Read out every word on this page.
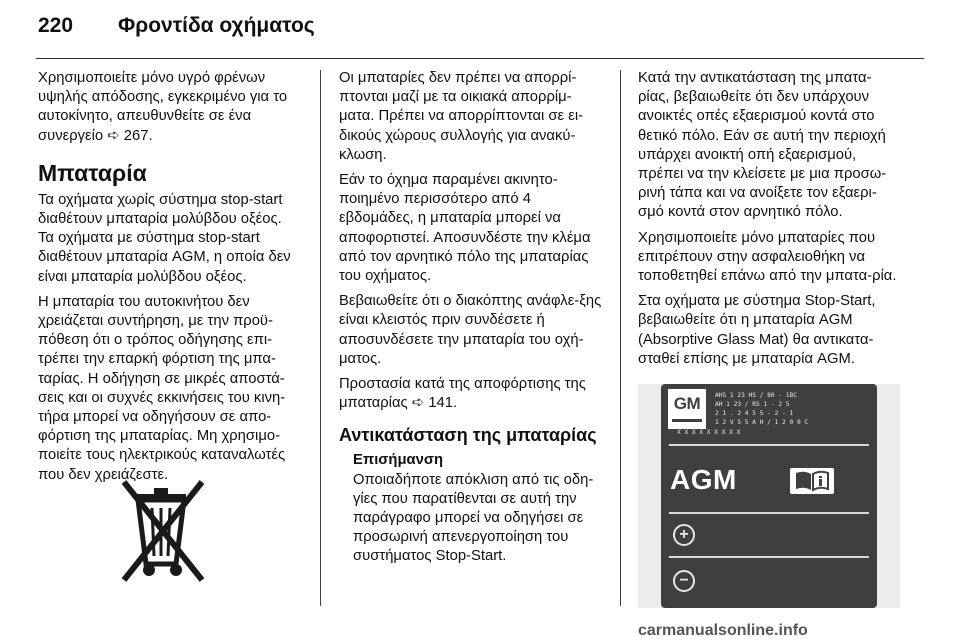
220	Φροντίδα οχήματος

Χρησιμοποιείτε μόνο υγρό φρένων υψηλής απόδοσης, εγκεκριμένο για το αυτοκίνητο, απευθυνθείτε σε ένα συνεργείο ➪ 267.

Μπαταρία

Τα οχήματα χωρίς σύστημα stop-start διαθέτουν μπαταρία μολύβδου οξέος. Τα οχήματα με σύστημα stop-start διαθέτουν μπαταρία AGM, η οποία δεν είναι μπαταρία μολύβδου οξέος.

Η μπαταρία του αυτοκινήτου δεν χρειάζεται συντήρηση, με την προϋ-πόθεση ότι ο τρόπος οδήγησης επι-τρέπει την επαρκή φόρτιση της μπα-ταρίας. Η οδήγηση σε μικρές αποστά-σεις και οι συχνές εκκινήσεις του κινη-τήρα μπορεί να οδηγήσουν σε απο-φόρτιση της μπαταρίας. Μη χρησιμο-ποιείτε τους ηλεκτρικούς καταναλωτές που δεν χρειάζεστε.

Οι μπαταρίες δεν πρέπει να απορρί-πτονται μαζί με τα οικιακά απορρίμ-ματα. Πρέπει να απορρίπτονται σε ει-δικούς χώρους συλλογής για ανακύ-κλωση.

Εάν το όχημα παραμένει ακινητο-ποιημένο περισσότερο από 4 εβδομάδες, η μπαταρία μπορεί να αποφορτιστεί. Αποσυνδέστε την κλέμα από τον αρνητικό πόλο της μπαταρίας του οχήματος.

Βεβαιωθείτε ότι ο διακόπτης ανάφλε-ξης είναι κλειστός πριν συνδέσετε ή αποσυνδέσετε την μπαταρία του οχή-ματος.

Προστασία κατά της αποφόρτισης της μπαταρίας ➪ 141.

Αντικατάσταση της μπαταρίας
Επισήμανση
Οποιαδήποτε απόκλιση από τις οδη-γίες που παρατίθενται σε αυτή την παράγραφο μπορεί να οδηγήσει σε προσωρινή απενεργοποίηση του συστήματος Stop-Start.

Κατά την αντικατάσταση της μπατα-ρίας, βεβαιωθείτε ότι δεν υπάρχουν ανοικτές οπές εξαερισμού κοντά στο θετικό πόλο. Εάν σε αυτή την περιοχή υπάρχει ανοικτή οπή εξαερισμού, πρέπει να την κλείσετε με μια προσω-ρινή τάπα και να ανοίξετε τον εξαερι-σμό κοντά στον αρνητικό πόλο.

Χρησιμοποιείτε μόνο μπαταρίες που επιτρέπουν στην ασφαλειοθήκη να τοποθετηθεί επάνω από την μπατα-ρία.

Στα οχήματα με σύστημα Stop-Start, βεβαιωθείτε ότι η μπαταρία AGM (Absorptive Glass Mat) θα αντικατα-σταθεί επίσης με μπαταρία AGM.

GM	AHS 1 23 HS / 80 - 1BC
AH 1 23 / RS 1 - 2 5
2 1 . 2 4 5 5 - 2 - 1
1 2 V 5 5 A H / 1 2 0 0 C
X X X X X X X X X
AGM
+
−
carmanualsonline.info
